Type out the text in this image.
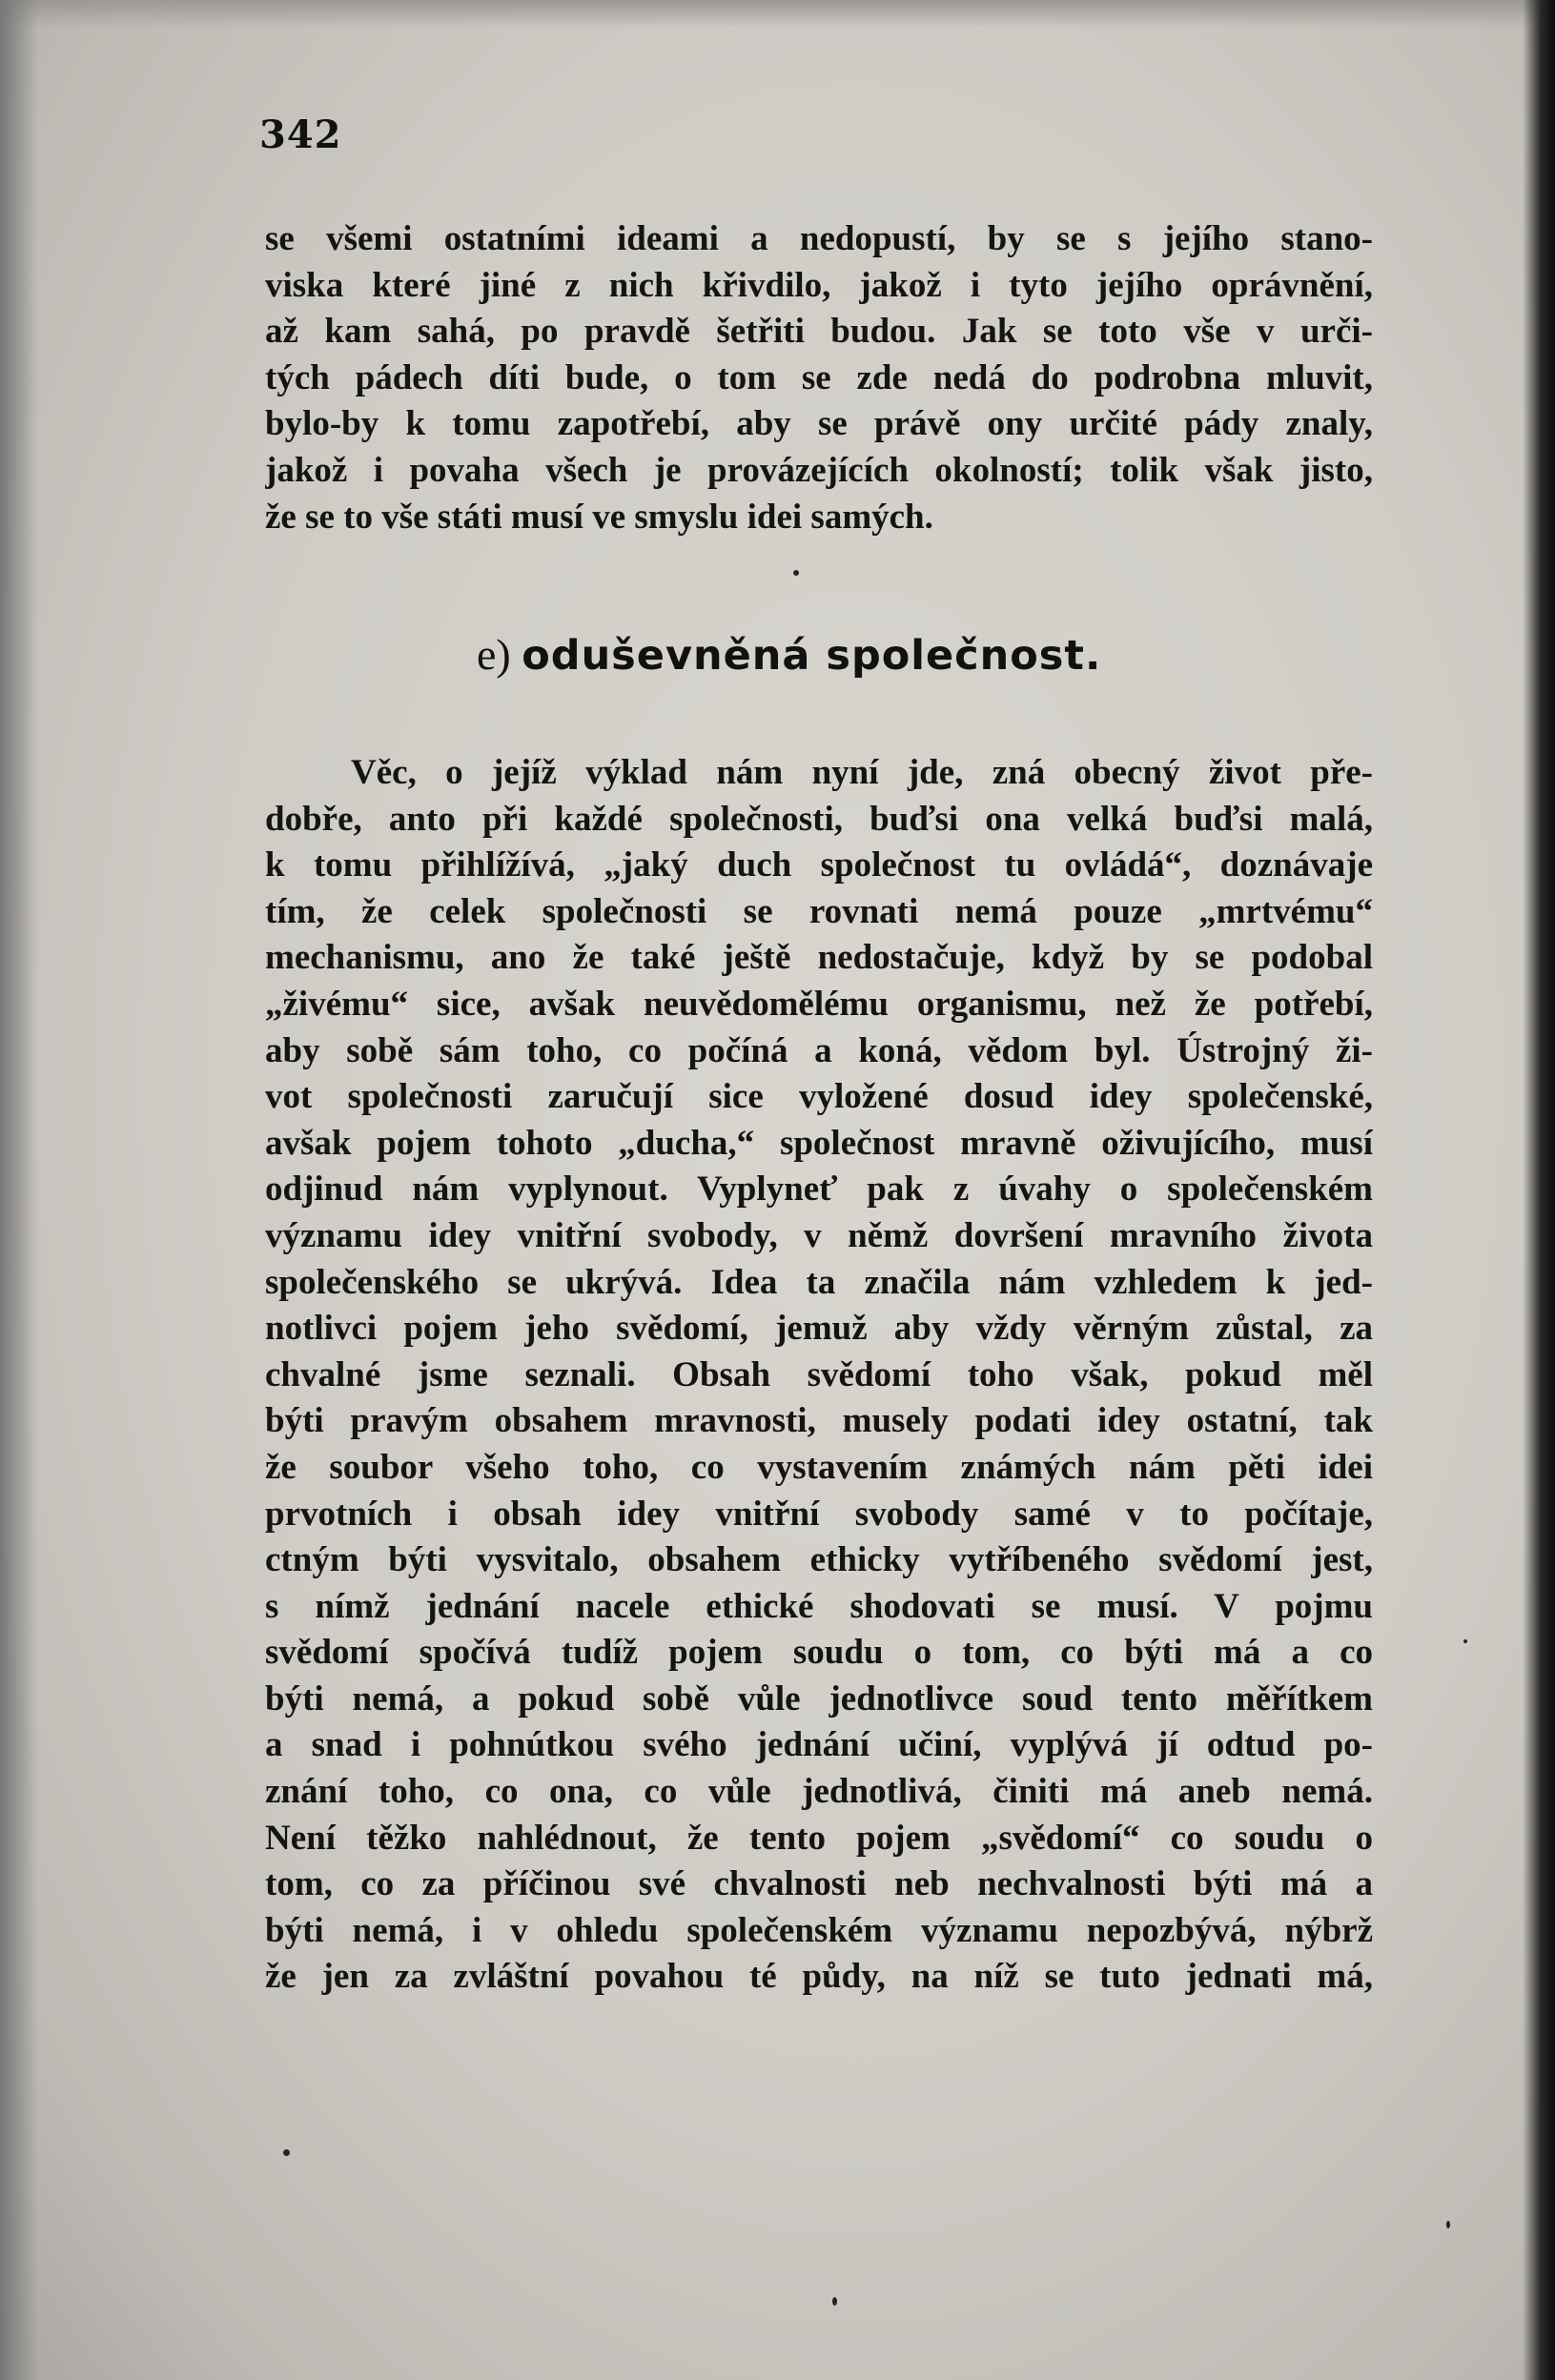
342
se všemi ostatními ideami a nedopustí, by se s jejího stano-
viska které jiné z nich křivdilo, jakož i tyto jejího oprávnění,
až kam sahá, po pravdě šetřiti budou. Jak se toto vše v urči-
tých pádech díti bude, o tom se zde nedá do podrobna mluvit,
bylo-by k tomu zapotřebí, aby se právě ony určité pády znaly,
jakož i povaha všech je provázejících okolností; tolik však jisto,
že se to vše státi musí ve smyslu idei samých.
e) oduševněná společnost.
Věc, o jejíž výklad nám nyní jde, zná obecný život pře-
dobře, anto při každé společnosti, buďsi ona velká buďsi malá,
k tomu přihlížívá, „jaký duch společnost tu ovládá“, doznávaje
tím, že celek společnosti se rovnati nemá pouze „mrtvému“
mechanismu, ano že také ještě nedostačuje, když by se podobal
„živému“ sice, avšak neuvědomělému organismu, než že potřebí,
aby sobě sám toho, co počíná a koná, vědom byl. Ústrojný ži-
vot společnosti zaručují sice vyložené dosud idey společenské,
avšak pojem tohoto „ducha,“ společnost mravně oživujícího, musí
odjinud nám vyplynout. Vyplyneť pak z úvahy o společenském
významu idey vnitřní svobody, v němž dovršení mravního života
společenského se ukrývá. Idea ta značila nám vzhledem k jed-
notlivci pojem jeho svědomí, jemuž aby vždy věrným zůstal, za
chvalné jsme seznali. Obsah svědomí toho však, pokud měl
býti pravým obsahem mravnosti, musely podati idey ostatní, tak
že soubor všeho toho, co vystavením známých nám pěti idei
prvotních i obsah idey vnitřní svobody samé v to počítaje,
ctným býti vysvitalo, obsahem ethicky vytříbeného svědomí jest,
s nímž jednání nacele ethické shodovati se musí. V pojmu
svědomí spočívá tudíž pojem soudu o tom, co býti má a co
býti nemá, a pokud sobě vůle jednotlivce soud tento měřítkem
a snad i pohnútkou svého jednání učiní, vyplývá jí odtud po-
znání toho, co ona, co vůle jednotlivá, činiti má aneb nemá.
Není těžko nahlédnout, že tento pojem „svědomí“ co soudu o
tom, co za příčinou své chvalnosti neb nechvalnosti býti má a
býti nemá, i v ohledu společenském významu nepozbývá, nýbrž
že jen za zvláštní povahou té půdy, na níž se tuto jednati má,
